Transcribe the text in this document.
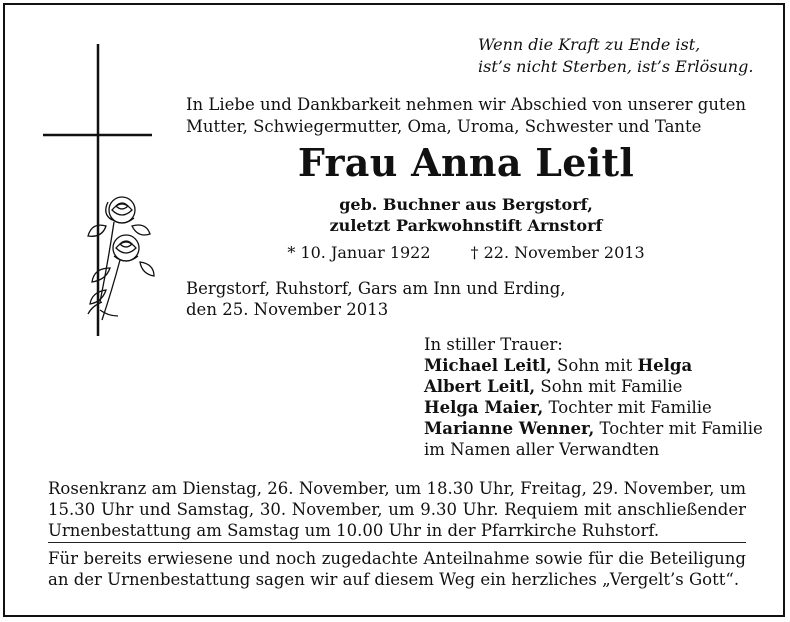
Wenn die Kraft zu Ende ist,
ist’s nicht Sterben, ist’s Erlösung.
In Liebe und Dankbarkeit nehmen wir Abschied von unserer guten
Mutter, Schwiegermutter, Oma, Uroma, Schwester und Tante
Frau Anna Leitl
geb. Buchner aus Bergstorf,
zuletzt Parkwohnstift Arnstorf
* 10. Januar 1922	† 22. November 2013
Bergstorf, Ruhstorf, Gars am Inn und Erding,
den 25. November 2013
In stiller Trauer:
Michael Leitl, Sohn mit Helga
Albert Leitl, Sohn mit Familie
Helga Maier, Tochter mit Familie
Marianne Wenner, Tochter mit Familie
im Namen aller Verwandten
Rosenkranz am Dienstag, 26. November, um 18.30 Uhr, Freitag, 29. November, um 15.30 Uhr und Samstag, 30. November, um 9.30 Uhr. Requiem mit anschließender Urnenbestattung am Samstag um 10.00 Uhr in der Pfarrkirche Ruhstorf.
Für bereits erwiesene und noch zugedachte Anteilnahme sowie für die Beteiligung an der Urnenbestattung sagen wir auf diesem Weg ein herzliches „Vergelt’s Gott“.
